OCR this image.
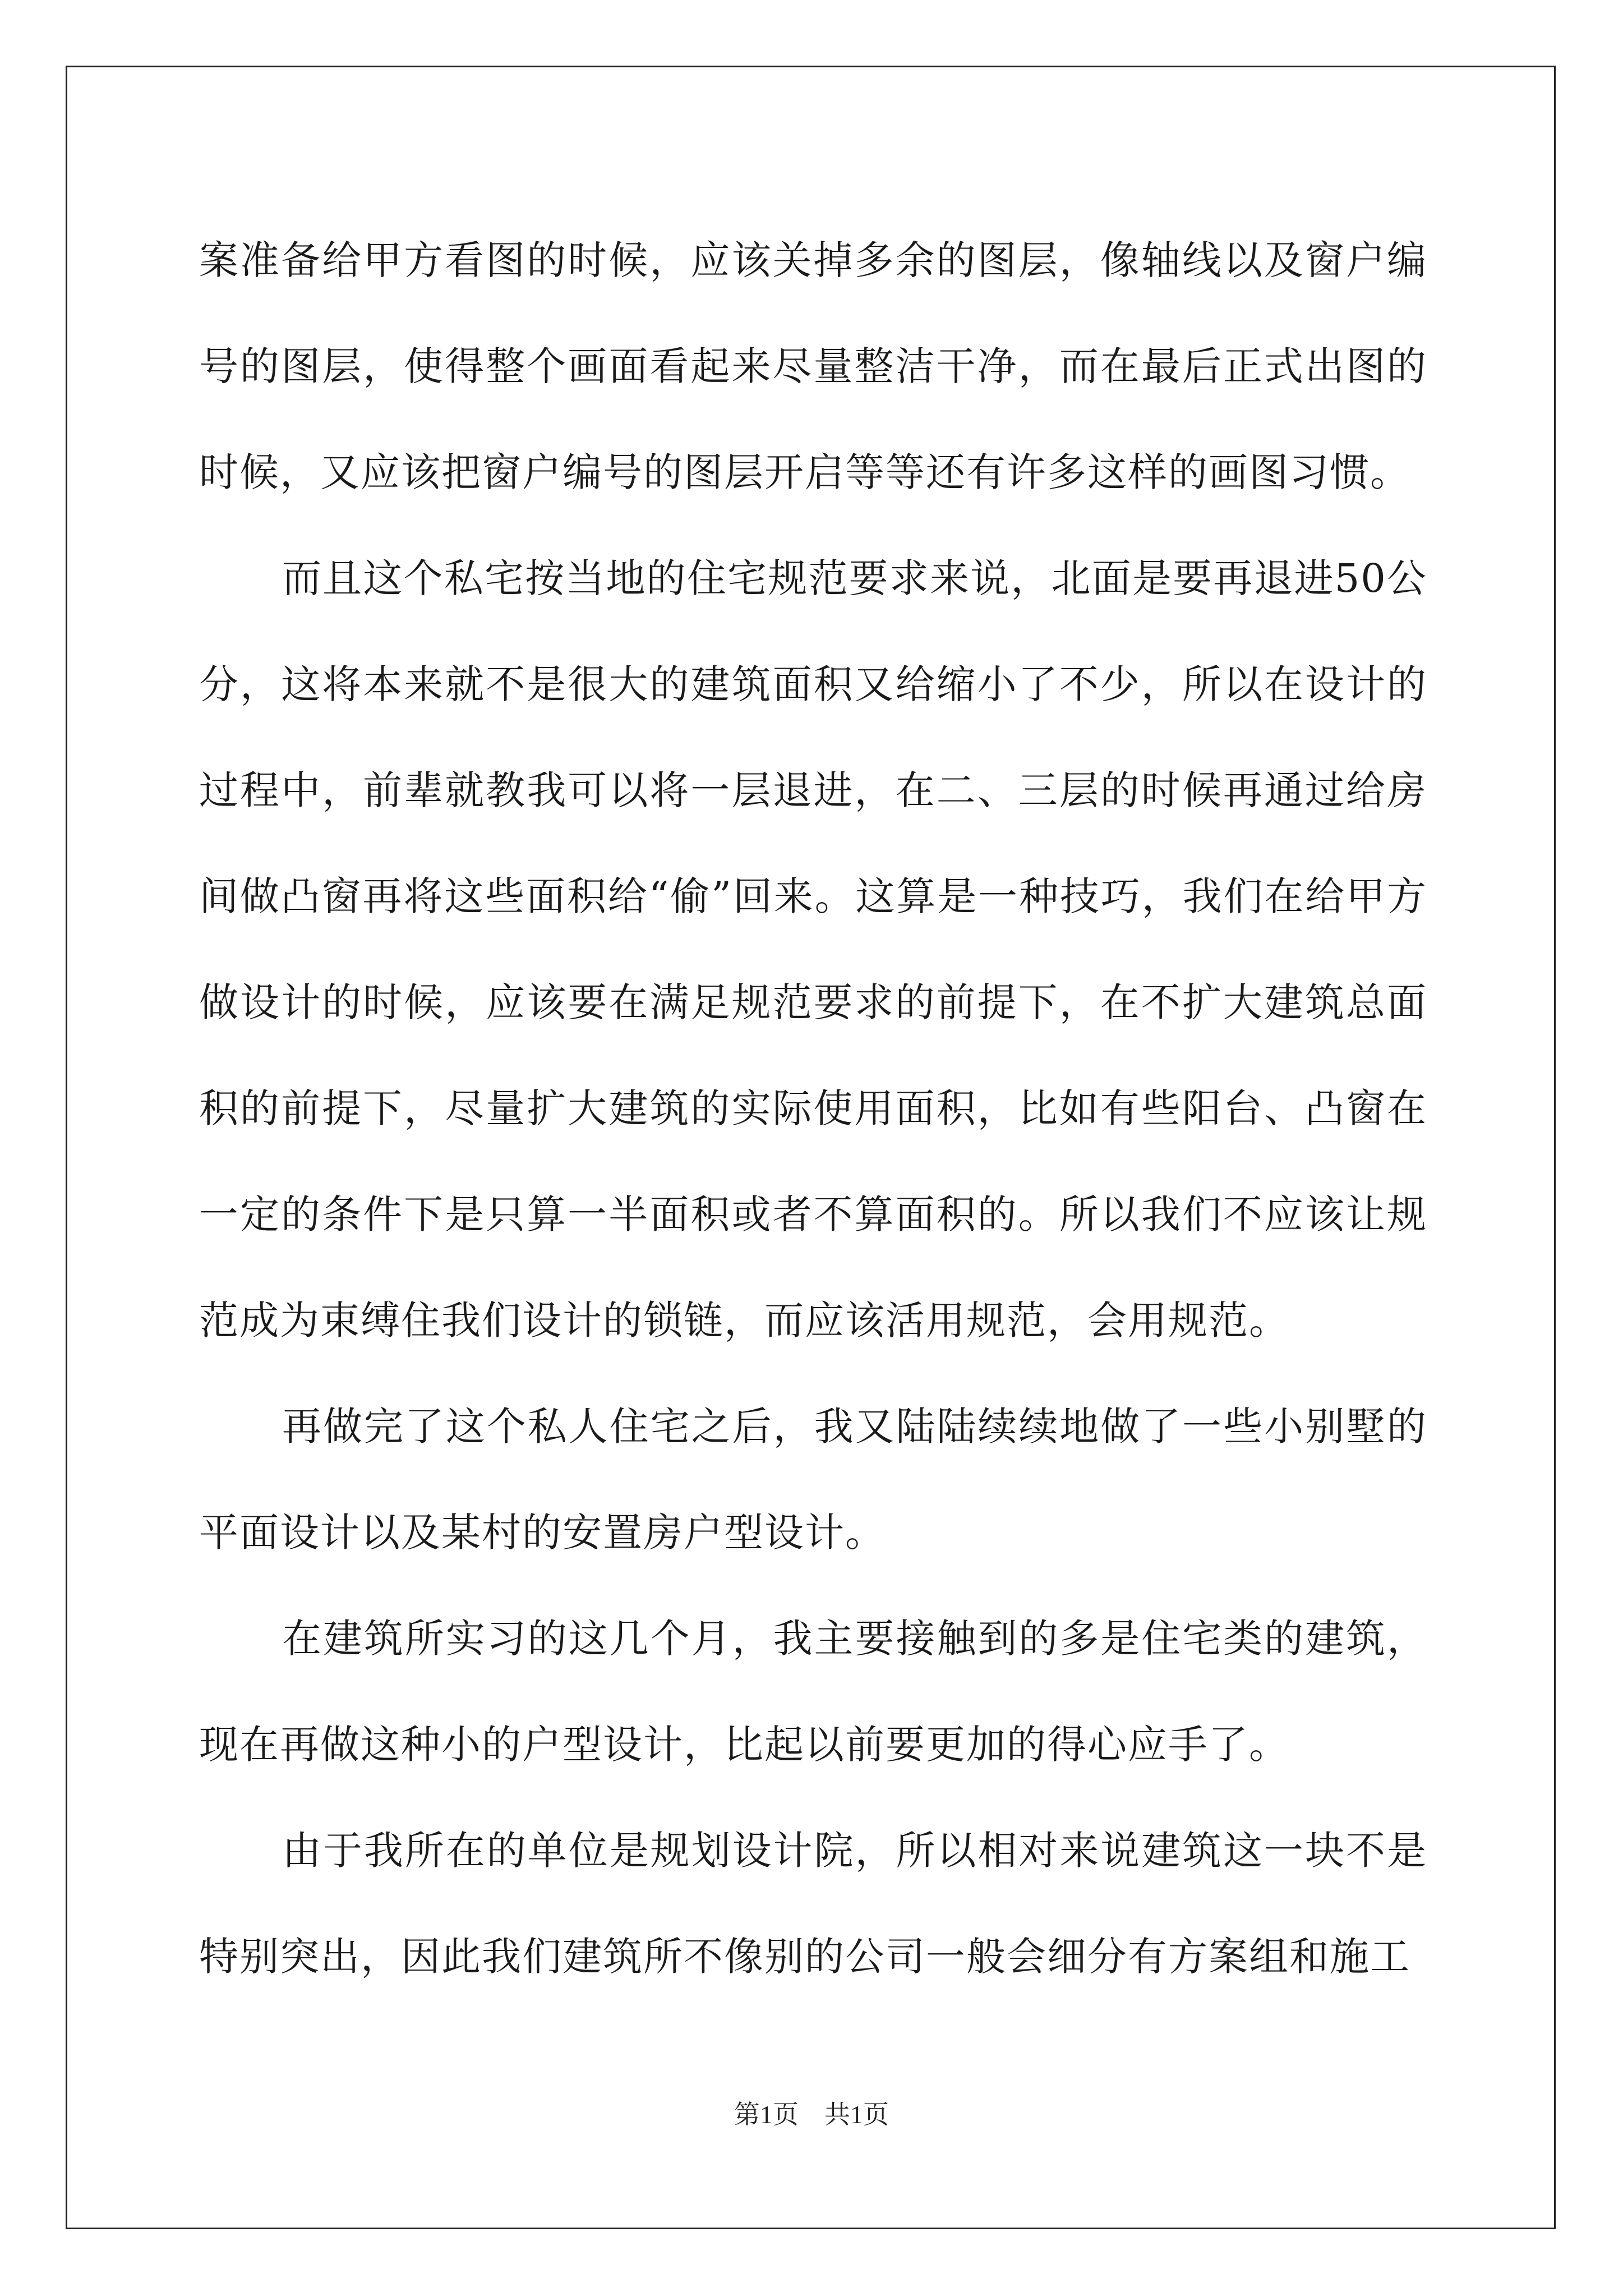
案准备给甲方看图的时候，应该关掉多余的图层，像轴线以及窗户编号的图层，使得整个画面看起来尽量整洁干净，而在最后正式出图的时候，又应该把窗户编号的图层开启等等还有许多这样的画图习惯。

而且这个私宅按当地的住宅规范要求来说，北面是要再退进50公分，这将本来就不是很大的建筑面积又给缩小了不少，所以在设计的过程中，前辈就教我可以将一层退进，在二、三层的时候再通过给房间做凸窗再将这些面积给“偷”回来。这算是一种技巧，我们在给甲方做设计的时候，应该要在满足规范要求的前提下，在不扩大建筑总面积的前提下，尽量扩大建筑的实际使用面积，比如有些阳台、凸窗在一定的条件下是只算一半面积或者不算面积的。所以我们不应该让规范成为束缚住我们设计的锁链，而应该活用规范，会用规范。

再做完了这个私人住宅之后，我又陆陆续续地做了一些小别墅的平面设计以及某村的安置房户型设计。

在建筑所实习的这几个月，我主要接触到的多是住宅类的建筑，现在再做这种小的户型设计，比起以前要更加的得心应手了。

由于我所在的单位是规划设计院，所以相对来说建筑这一块不是特别突出，因此我们建筑所不像别的公司一般会细分有方案组和施工

第1页 共1页
